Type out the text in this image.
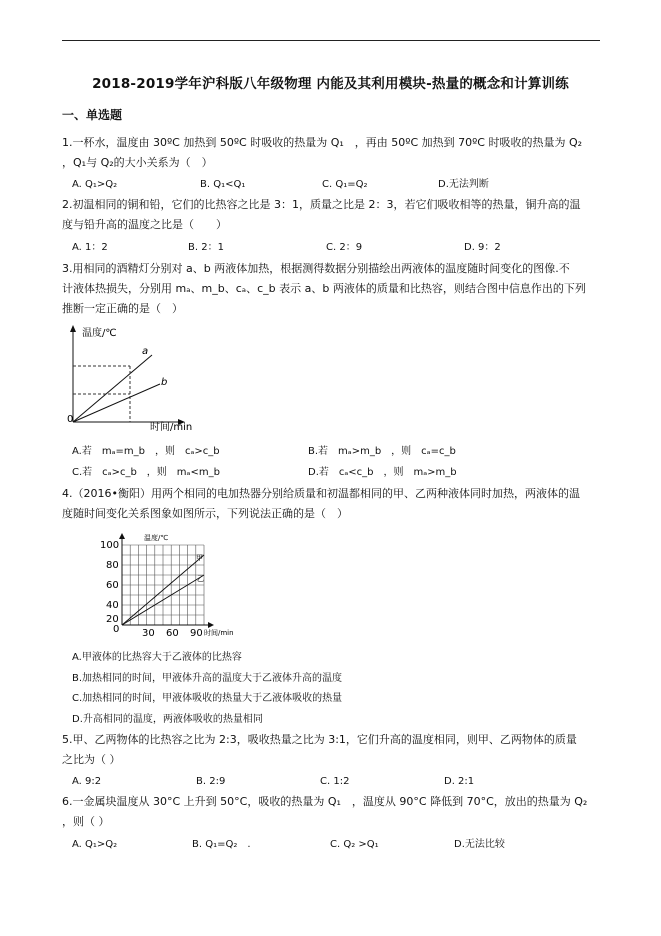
2018-2019学年沪科版八年级物理 内能及其利用模块-热量的概念和计算训练
一、单选题
1.一杯水，温度由 30ºC 加热到 50ºC 时吸收的热量为 Q₁　，再由 50ºC 加热到 70ºC 时吸收的热量为 Q₂
，Q₁与 Q₂的大小关系为（　）
A. Q₁>Q₂	B. Q₁<Q₁	C. Q₁=Q₂	D.无法判断
2.初温相同的铜和铅，它们的比热容之比是 3：1，质量之比是 2：3，若它们吸收相等的热量，铜升高的温
度与铅升高的温度之比是（　　）
A. 1：2	B. 2：1	C. 2：9	D. 9：2
3.用相同的酒精灯分别对 a、b 两液体加热，根据测得数据分别描绘出两液体的温度随时间变化的图像.不
计液体热损失，分别用 mₐ、m_b、cₐ、c_b 表示 a、b 两液体的质量和比热容，则结合图中信息作出的下列
推断一定正确的是（　）
温度/℃
时间/min
0
a
b
A.若　mₐ=m_b　，则　cₐ>c_b	B.若　mₐ>m_b　，则　cₐ=c_b
C.若　cₐ>c_b　，则　mₐ<m_b	D.若　cₐ<c_b　，则　mₐ>m_b
4.（2016•衡阳）用两个相同的电加热器分别给质量和初温都相同的甲、乙两种液体同时加热，两液体的温
度随时间变化关系图象如图所示，下列说法正确的是（　）
温度/℃
100
80
60
40
20
0 30 60 90 时间/min
甲
乙
A.甲液体的比热容大于乙液体的比热容
B.加热相同的时间，甲液体升高的温度大于乙液体升高的温度
C.加热相同的时间，甲液体吸收的热量大于乙液体吸收的热量
D.升高相同的温度，两液体吸收的热量相同
5.甲、乙两物体的比热容之比为 2:3，吸收热量之比为 3:1，它们升高的温度相同，则甲、乙两物体的质量
之比为（ ）
A. 9:2	B. 2:9	C. 1:2	D. 2:1
6.一金属块温度从 30°C 上升到 50°C，吸收的热量为 Q₁　，温度从 90°C 降低到 70°C，放出的热量为 Q₂
，则（ ）
A. Q₁>Q₂	B. Q₁=Q₂　.	C. Q₂ >Q₁	D.无法比较
